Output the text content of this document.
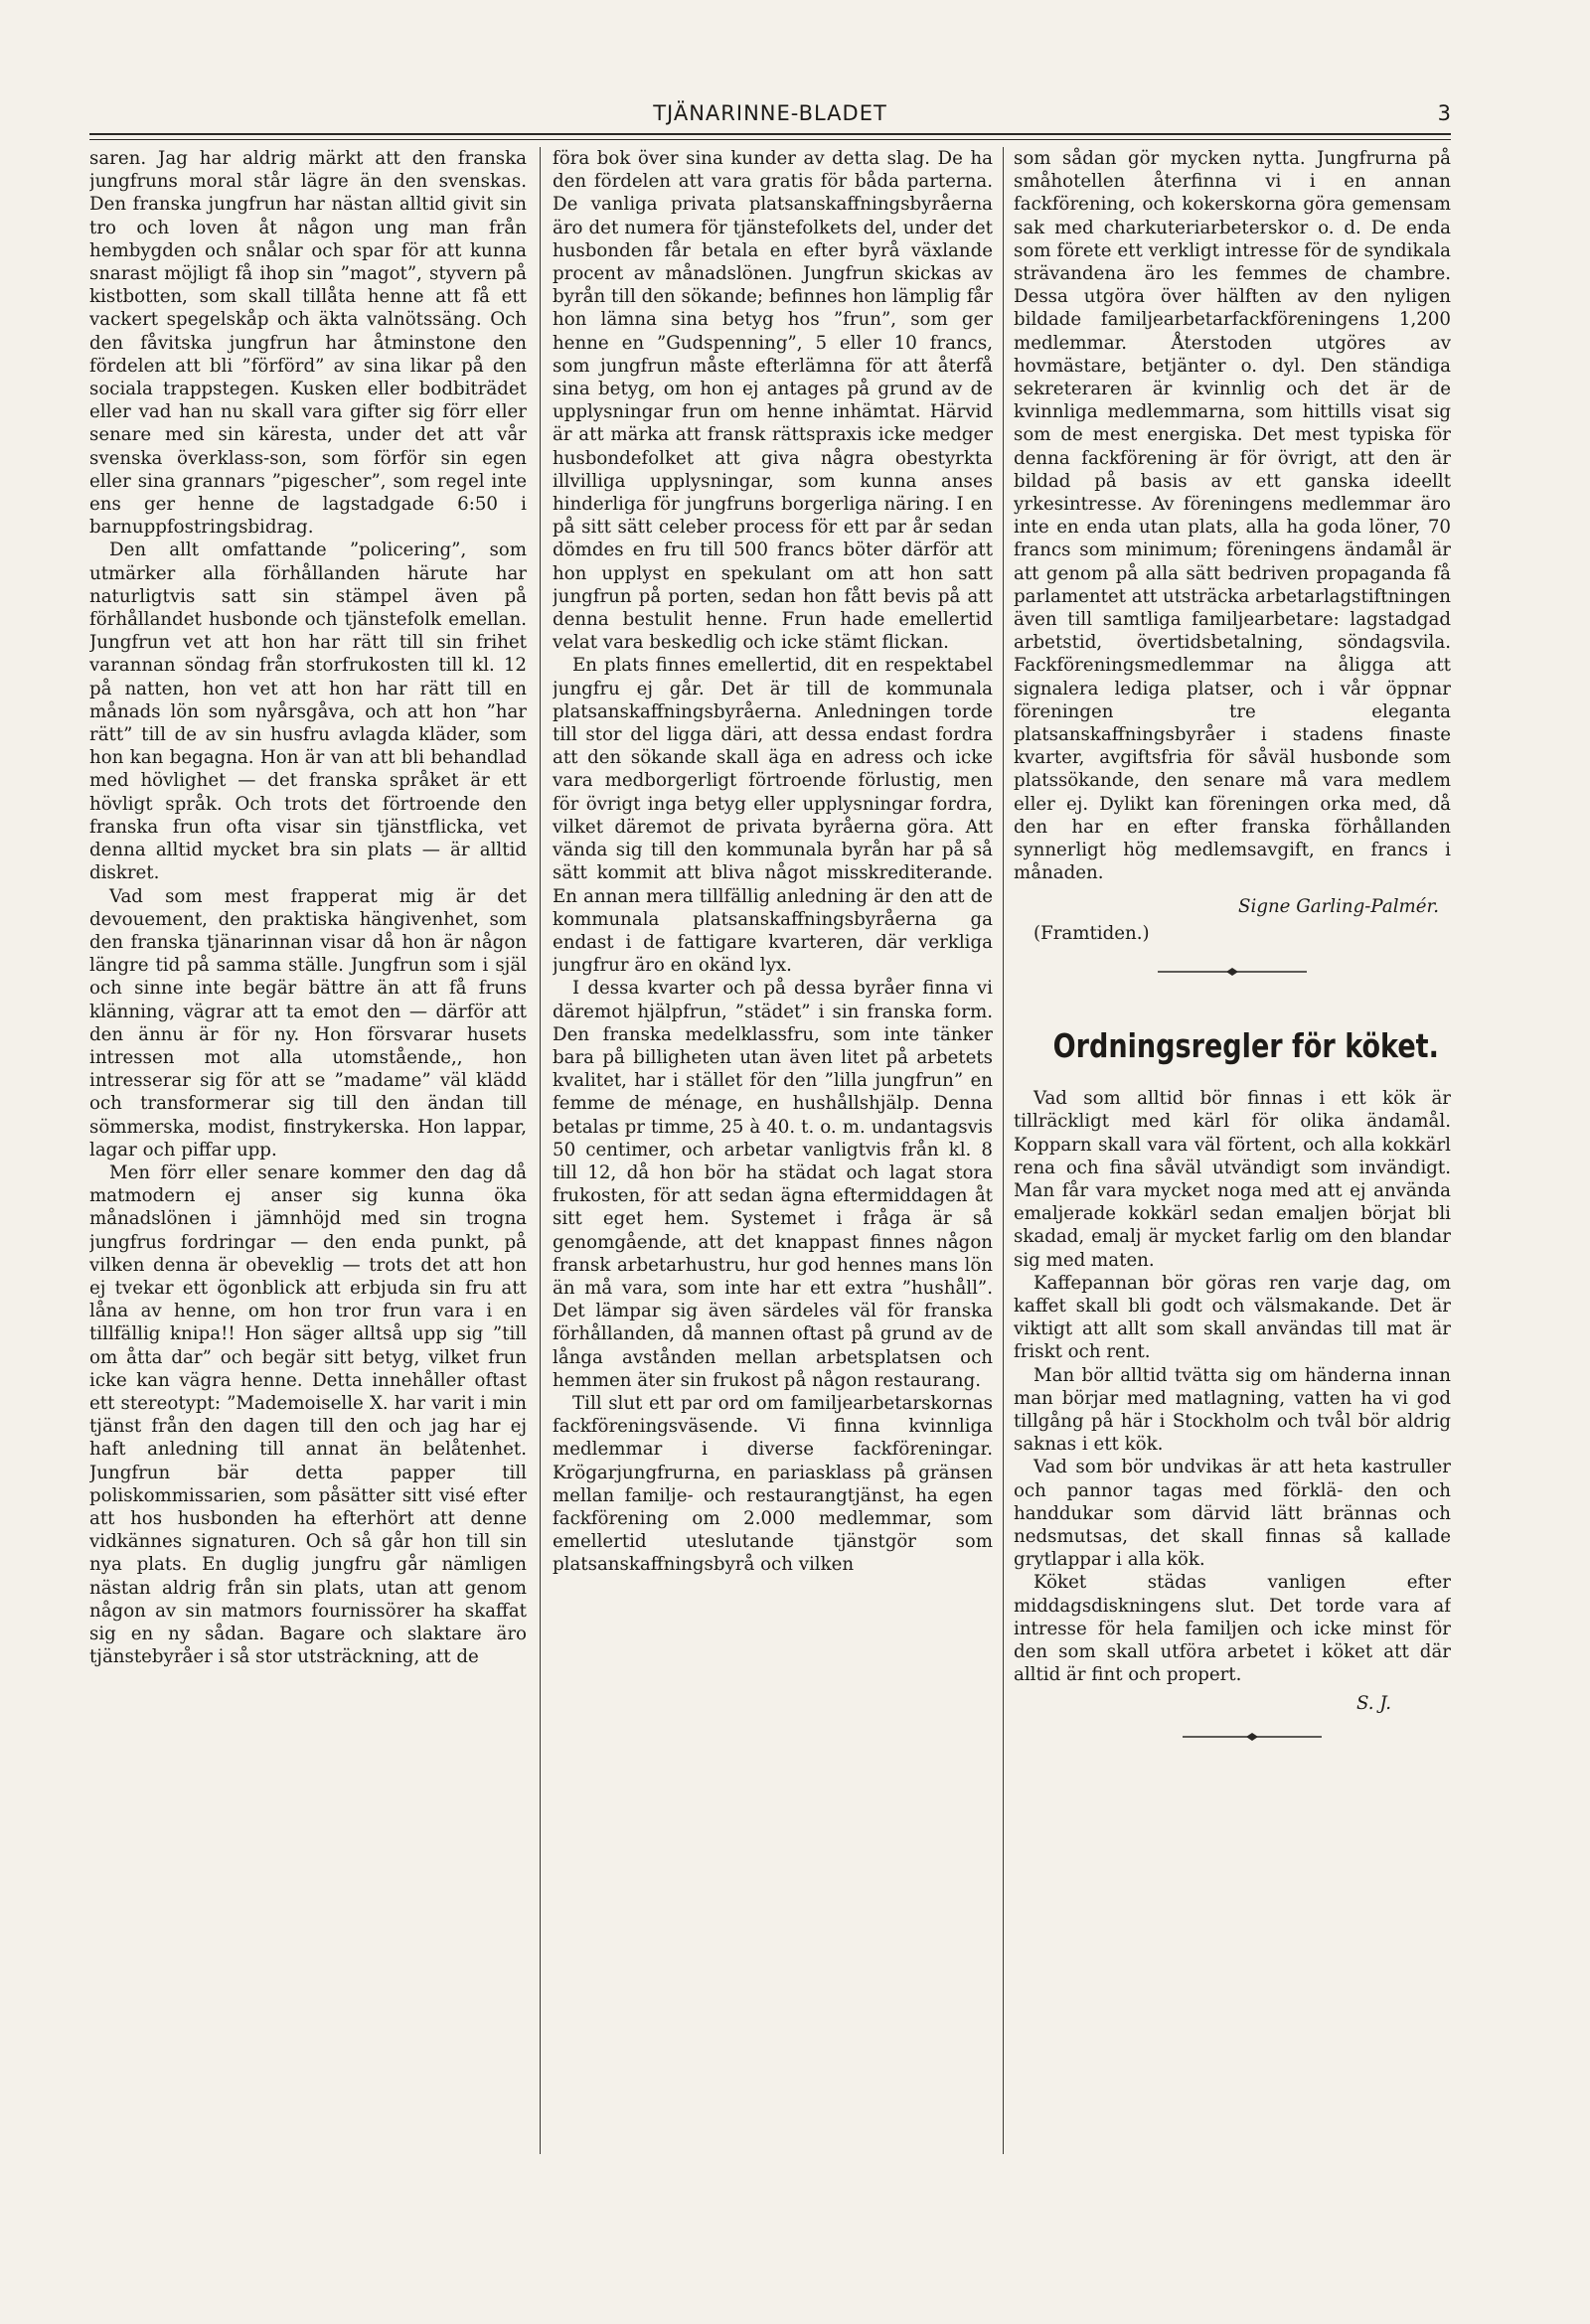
TJÄNARINNE-BLADET	3

saren. Jag har aldrig märkt att den franska jungfruns moral står lägre än den svenskas. Den franska jungfrun har nästan alltid givit sin tro och loven åt någon ung man från hembygden och snålar och spar för att kunna snarast möjligt få ihop sin ”magot”, styvern på kistbotten, som skall tillåta henne att få ett vackert spegelskåp och äkta valnötssäng. Och den fåvitska jungfrun har åtminstone den fördelen att bli ”förförd” av sina likar på den sociala trappstegen. Kusken eller bodbiträdet eller vad han nu skall vara gifter sig förr eller senare med sin käresta, under det att vår svenska överklass-son, som förför sin egen eller sina grannars ”pigescher”, som regel inte ens ger henne de lagstadgade 6:50 i barnuppfostringsbidrag.

Den allt omfattande ”policering”, som utmärker alla förhållanden härute har naturligtvis satt sin stämpel även på förhållandet husbonde och tjänstefolk emellan. Jungfrun vet att hon har rätt till sin frihet varannan söndag från storfrukosten till kl. 12 på natten, hon vet att hon har rätt till en månads lön som nyårsgåva, och att hon ”har rätt” till de av sin husfru avlagda kläder, som hon kan begagna. Hon är van att bli behandlad med hövlighet — det franska språket är ett hövligt språk. Och trots det förtroende den franska frun ofta visar sin tjänstflicka, vet denna alltid mycket bra sin plats — är alltid diskret.

Vad som mest frapperat mig är det devouement, den praktiska hängivenhet, som den franska tjänarinnan visar då hon är någon längre tid på samma ställe. Jungfrun som i själ och sinne inte begär bättre än att få fruns klänning, vägrar att ta emot den — därför att den ännu är för ny. Hon försvarar husets intressen mot alla utomstående,, hon intresserar sig för att se ”madame” väl klädd och transformerar sig till den ändan till sömmerska, modist, finstrykerska. Hon lappar, lagar och piffar upp.

Men förr eller senare kommer den dag då matmodern ej anser sig kunna öka månadslönen i jämnhöjd med sin trogna jungfrus fordringar — den enda punkt, på vilken denna är obeveklig — trots det att hon ej tvekar ett ögonblick att erbjuda sin fru att låna av henne, om hon tror frun vara i en tillfällig knipa!! Hon säger alltså upp sig ”till om åtta dar” och begär sitt betyg, vilket frun icke kan vägra henne. Detta innehåller oftast ett stereotypt: ”Mademoiselle X. har varit i min tjänst från den dagen till den och jag har ej haft anledning till annat än belåtenhet. Jungfrun bär detta papper till poliskommissarien, som påsätter sitt visé efter att hos husbonden ha efterhört att denne vidkännes signaturen. Och så går hon till sin nya plats. En duglig jungfru går nämligen nästan aldrig från sin plats, utan att genom någon av sin matmors fournissörer ha skaffat sig en ny sådan. Bagare och slaktare äro tjänstebyråer i så stor utsträckning, att de

föra bok över sina kunder av detta slag. De ha den fördelen att vara gratis för båda parterna. De vanliga privata platsanskaffningsbyråerna äro det numera för tjänstefolkets del, under det husbonden får betala en efter byrå växlande procent av månadslönen. Jungfrun skickas av byrån till den sökande; befinnes hon lämplig får hon lämna sina betyg hos ”frun”, som ger henne en ”Gudspenning”, 5 eller 10 francs, som jungfrun måste efterlämna för att återfå sina betyg, om hon ej antages på grund av de upplysningar frun om henne inhämtat. Härvid är att märka att fransk rättspraxis icke medger husbondefolket att giva några obestyrkta illvilliga upplysningar, som kunna anses hinderliga för jungfruns borgerliga näring. I en på sitt sätt celeber process för ett par år sedan dömdes en fru till 500 francs böter därför att hon upplyst en spekulant om att hon satt jungfrun på porten, sedan hon fått bevis på att denna bestulit henne. Frun hade emellertid velat vara beskedlig och icke stämt flickan.

En plats finnes emellertid, dit en respektabel jungfru ej går. Det är till de kommunala platsanskaffningsbyråerna. Anledningen torde till stor del ligga däri, att dessa endast fordra att den sökande skall äga en adress och icke vara medborgerligt förtroende förlustig, men för övrigt inga betyg eller upplysningar fordra, vilket däremot de privata byråerna göra. Att vända sig till den kommunala byrån har på så sätt kommit att bliva något misskrediterande. En annan mera tillfällig anledning är den att de kommunala platsanskaffningsbyråerna ga endast i de fattigare kvarteren, där verkliga jungfrur äro en okänd lyx.

I dessa kvarter och på dessa byråer finna vi däremot hjälpfrun, ”städet” i sin franska form. Den franska medelklassfru, som inte tänker bara på billigheten utan även litet på arbetets kvalitet, har i stället för den ”lilla jungfrun” en femme de ménage, en hushållshjälp. Denna betalas pr timme, 25 à 40. t. o. m. undantagsvis 50 centimer, och arbetar vanligtvis från kl. 8 till 12, då hon bör ha städat och lagat stora frukosten, för att sedan ägna eftermiddagen åt sitt eget hem. Systemet i fråga är så genomgående, att det knappast finnes någon fransk arbetarhustru, hur god hennes mans lön än må vara, som inte har ett extra ”hushåll”. Det lämpar sig även särdeles väl för franska förhållanden, då mannen oftast på grund av de långa avstånden mellan arbetsplatsen och hemmen äter sin frukost på någon restaurang.

Till slut ett par ord om familjearbetarskornas fackföreningsväsende. Vi finna kvinnliga medlemmar i diverse fackföreningar. Krögarjungfrurna, en pariasklass på gränsen mellan familje- och restaurangtjänst, ha egen fackförening om 2.000 medlemmar, som emellertid uteslutande tjänstgör som platsanskaffningsbyrå och vilken

som sådan gör mycken nytta. Jungfrurna på småhotellen återfinna vi i en annan fackförening, och kokerskorna göra gemensam sak med charkuteriarbeterskor o. d. De enda som förete ett verkligt intresse för de syndikala strävandena äro les femmes de chambre. Dessa utgöra över hälften av den nyligen bildade familjearbetarfackföreningens 1,200 medlemmar. Återstoden utgöres av hovmästare, betjänter o. dyl. Den ständiga sekreteraren är kvinnlig och det är de kvinnliga medlemmarna, som hittills visat sig som de mest energiska. Det mest typiska för denna fackförening är för övrigt, att den är bildad på basis av ett ganska ideellt yrkesintresse. Av föreningens medlemmar äro inte en enda utan plats, alla ha goda löner, 70 francs som minimum; föreningens ändamål är att genom på alla sätt bedriven propaganda få parlamentet att utsträcka arbetarlagstiftningen även till samtliga familjearbetare: lagstadgad arbetstid, övertidsbetalning, söndagsvila. Fackföreningsmedlemmar na åligga att signalera lediga platser, och i vår öppnar föreningen tre eleganta platsanskaffningsbyråer i stadens finaste kvarter, avgiftsfria för såväl husbonde som platssökande, den senare må vara medlem eller ej. Dylikt kan föreningen orka med, då den har en efter franska förhållanden synnerligt hög medlemsavgift, en francs i månaden.

Signe Garling-Palmér.
(Framtiden.)
Ordningsregler för köket.

Vad som alltid bör finnas i ett kök är tillräckligt med kärl för olika ändamål. Kopparn skall vara väl förtent, och alla kokkärl rena och fina såväl utvändigt som invändigt. Man får vara mycket noga med att ej använda emaljerade kokkärl sedan emaljen börjat bli skadad, emalj är mycket farlig om den blandar sig med maten.

Kaffepannan bör göras ren varje dag, om kaffet skall bli godt och välsmakande. Det är viktigt att allt som skall användas till mat är friskt och rent.

Man bör alltid tvätta sig om händerna innan man börjar med matlagning, vatten ha vi god tillgång på här i Stockholm och tvål bör aldrig saknas i ett kök.

Vad som bör undvikas är att heta kastruller och pannor tagas med förklä- den och handdukar som därvid lätt brännas och nedsmutsas, det skall finnas så kallade grytlappar i alla kök.

Köket städas vanligen efter middagsdiskningens slut. Det torde vara af intresse för hela familjen och icke minst för den som skall utföra arbetet i köket att där alltid är fint och propert.

S. J.
